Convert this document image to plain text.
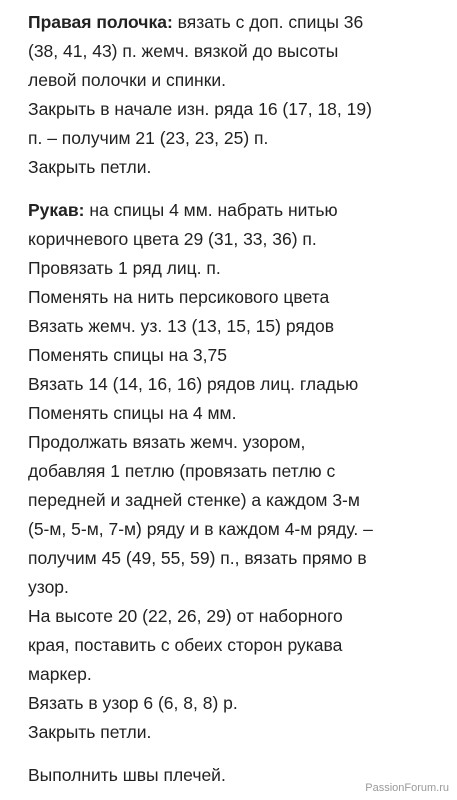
Правая полочка: вязать с доп. спицы 36
(38, 41, 43) п. жемч. вязкой до высоты
левой полочки и спинки.
Закрыть в начале изн. ряда 16 (17, 18, 19)
п. – получим 21 (23, 23, 25) п.
Закрыть петли.
Рукав: на спицы 4 мм. набрать нитью
коричневого цвета 29 (31, 33, 36) п.
Провязать 1 ряд лиц. п.
Поменять на нить персикового цвета
Вязать жемч. уз. 13 (13, 15, 15) рядов
Поменять спицы на 3,75
Вязать 14 (14, 16, 16) рядов лиц. гладью
Поменять спицы на 4 мм.
Продолжать вязать жемч. узором,
добавляя 1 петлю (провязать петлю с
передней и задней стенке) а каждом 3-м
(5-м, 5-м, 7-м) ряду и в каждом 4-м ряду. –
получим 45 (49, 55, 59) п., вязать прямо в
узор.
На высоте 20 (22, 26, 29) от наборного
края, поставить с обеих сторон рукава
маркер.
Вязать в узор 6 (6, 8, 8) р.
Закрыть петли.
Выполнить швы плечей.
PassionForum.ru
